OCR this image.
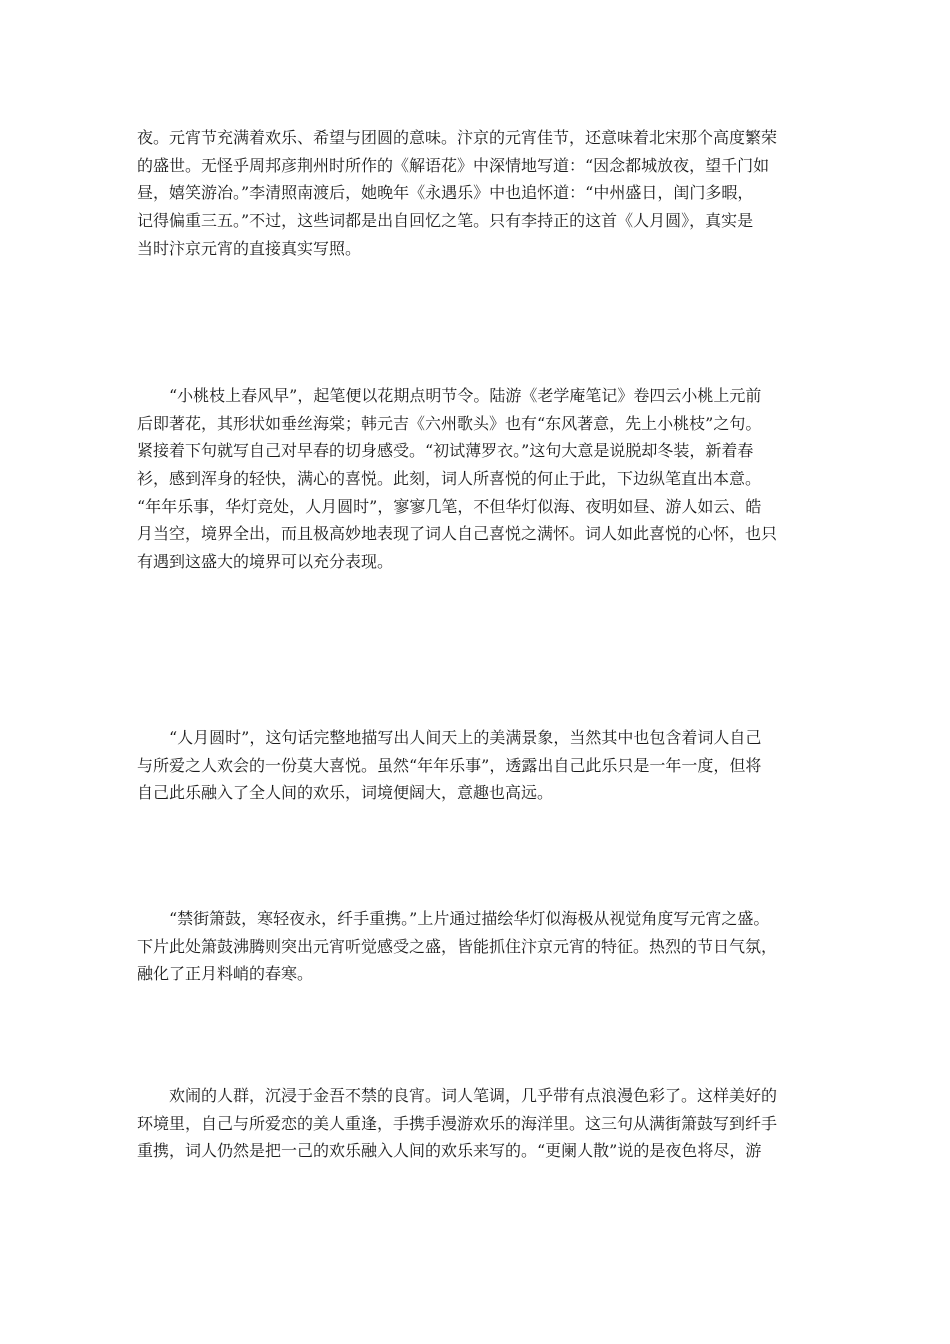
夜。元宵节充满着欢乐、希望与团圆的意味。汴京的元宵佳节，还意味着北宋那个高度繁荣
的盛世。无怪乎周邦彦荆州时所作的《解语花》中深情地写道：“因念都城放夜，望千门如
昼，嬉笑游冶。”李清照南渡后，她晚年《永遇乐》中也追怀道：“中州盛日，闺门多暇，
记得偏重三五。”不过，这些词都是出自回忆之笔。只有李持正的这首《人月圆》，真实是
当时汴京元宵的直接真实写照。
　　“小桃枝上春风早”，起笔便以花期点明节令。陆游《老学庵笔记》卷四云小桃上元前
后即著花，其形状如垂丝海棠；韩元吉《六州歌头》也有“东风著意，先上小桃枝”之句。
紧接着下句就写自己对早春的切身感受。“初试薄罗衣。”这句大意是说脱却冬装，新着春
衫，感到浑身的轻快，满心的喜悦。此刻，词人所喜悦的何止于此，下边纵笔直出本意。
“年年乐事，华灯竞处，人月圆时”，寥寥几笔，不但华灯似海、夜明如昼、游人如云、皓
月当空，境界全出，而且极高妙地表现了词人自己喜悦之满怀。词人如此喜悦的心怀，也只
有遇到这盛大的境界可以充分表现。
　　“人月圆时”，这句话完整地描写出人间天上的美满景象，当然其中也包含着词人自己
与所爱之人欢会的一份莫大喜悦。虽然“年年乐事”，透露出自己此乐只是一年一度，但将
自己此乐融入了全人间的欢乐，词境便阔大，意趣也高远。
　　“禁街箫鼓，寒轻夜永，纤手重携。”上片通过描绘华灯似海极从视觉角度写元宵之盛。
下片此处箫鼓沸腾则突出元宵听觉感受之盛，皆能抓住汴京元宵的特征。热烈的节日气氛，
融化了正月料峭的春寒。
　　欢闹的人群，沉浸于金吾不禁的良宵。词人笔调，几乎带有点浪漫色彩了。这样美好的
环境里，自己与所爱恋的美人重逢，手携手漫游欢乐的海洋里。这三句从满街箫鼓写到纤手
重携，词人仍然是把一己的欢乐融入人间的欢乐来写的。“更阑人散”说的是夜色将尽，游
